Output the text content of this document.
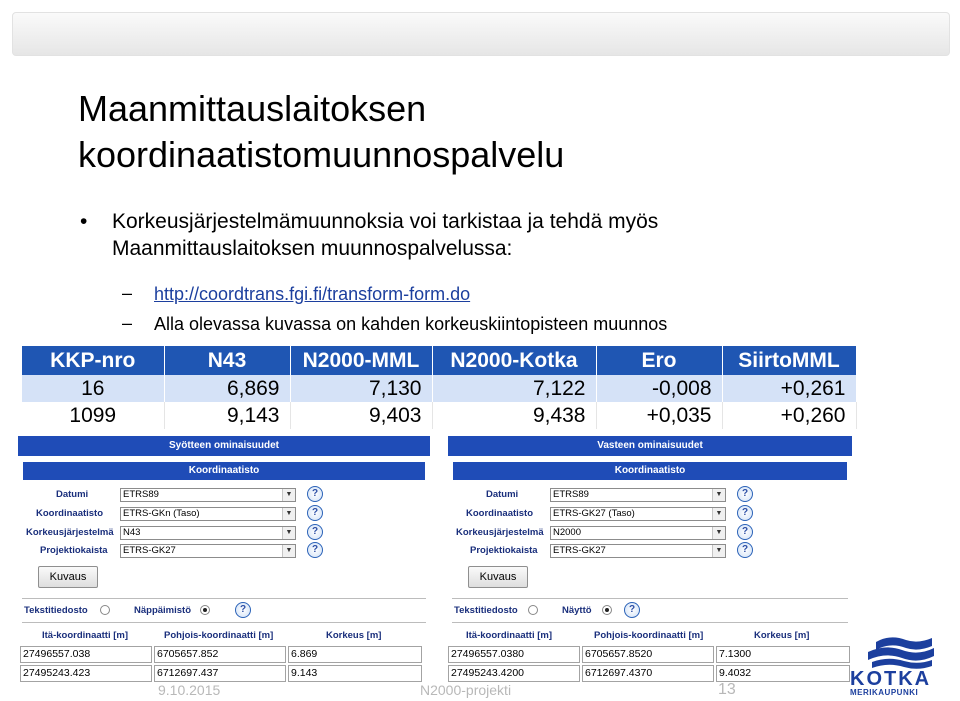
Maanmittauslaitoksen
koordinaatistomuunnospalvelu
• Korkeusjärjestelmämuunnoksia voi tarkistaa ja tehdä myös
Maanmittauslaitoksen muunnospalvelussa:
– http://coordtrans.fgi.fi/transform-form.do
– Alla olevassa kuvassa on kahden korkeuskiintopisteen muunnos
KKP-nro	N43	N2000-MML	N2000-Kotka	Ero	SiirtoMML
16	6,869	7,130	7,122	-0,008	+0,261
1099	9,143	9,403	9,438	+0,035	+0,260
Syötteen ominaisuudet
Koordinaatisto
Datumi	ETRS89	▼	?
Koordinaatisto	ETRS-GKn (Taso)	▼	?
Korkeusjärjestelmä N43	▼	?
Projektiokaista	ETRS-GK27	▼	?
Kuvaus
Tekstitiedosto	Näppäimistö	?
Itä-koordinaatti [m]	Pohjois-koordinaatti [m]	Korkeus [m]
27496557.038	6705657.852	6.869
27495243.423	6712697.437	9.143
Vasteen ominaisuudet
Koordinaatisto
Datumi	ETRS89	▼	?
Koordinaatisto	ETRS-GK27 (Taso)	▼	?
Korkeusjärjestelmä N2000	▼	?
Projektiokaista	ETRS-GK27	▼	?
Kuvaus
Tekstitiedosto	Näyttö	?
Itä-koordinaatti [m]	Pohjois-koordinaatti [m]	Korkeus [m]
27496557.0380	6705657.8520	7.1300
27495243.4200	6712697.4370	9.4032
9.10.2015	N2000-projekti	13	KOTKA
MERIKAUPUNKI
